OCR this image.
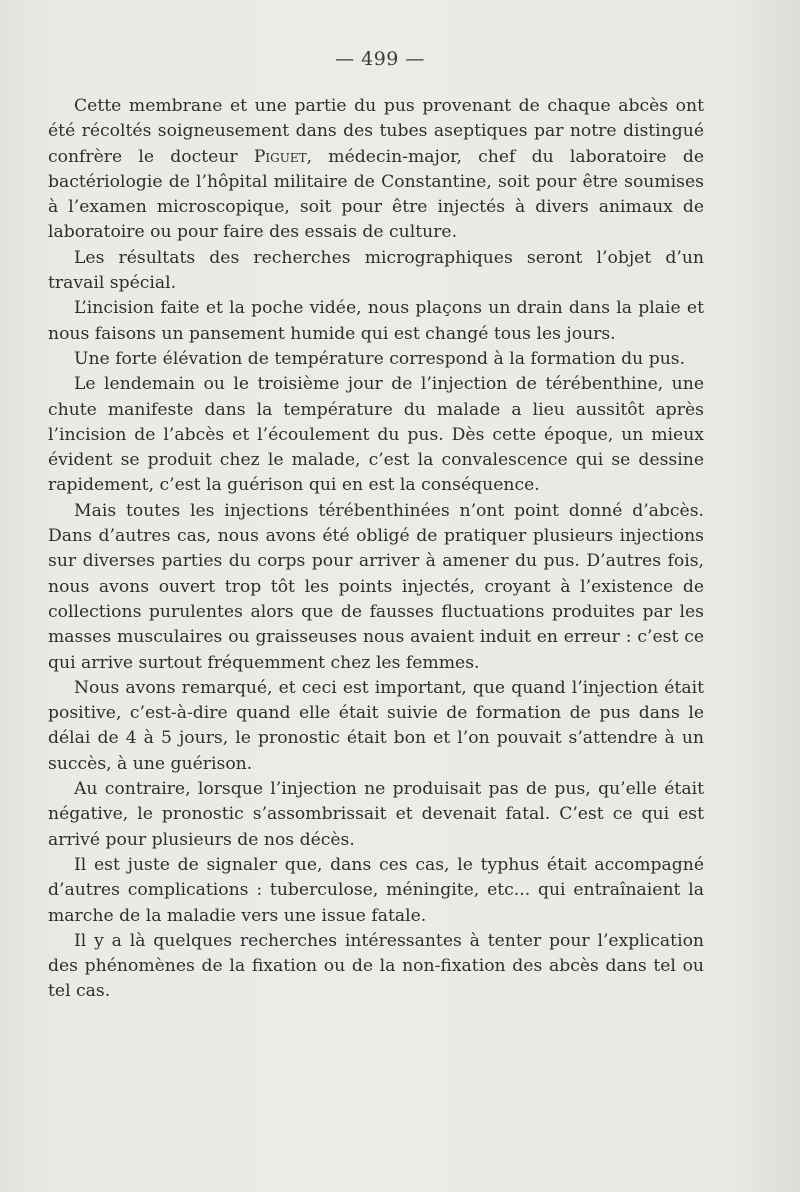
— 499 —

Cette membrane et une partie du pus provenant de chaque abcès ont été récoltés soigneusement dans des tubes aseptiques par notre distingué confrère le docteur Piguet, médecin-major, chef du laboratoire de bactériologie de l’hôpital militaire de Constantine, soit pour être soumises à l’examen microscopique, soit pour être injectés à divers animaux de laboratoire ou pour faire des essais de culture.

Les résultats des recherches micrographiques seront l’objet d’un travail spécial.

L’incision faite et la poche vidée, nous plaçons un drain dans la plaie et nous faisons un pansement humide qui est changé tous les jours.

Une forte élévation de température correspond à la formation du pus.

Le lendemain ou le troisième jour de l’injection de térébenthine, une chute manifeste dans la température du malade a lieu aussitôt après l’incision de l’abcès et l’écoulement du pus. Dès cette époque, un mieux évident se produit chez le malade, c’est la convalescence qui se dessine rapidement, c’est la guérison qui en est la conséquence.

Mais toutes les injections térébenthinées n’ont point donné d’abcès. Dans d’autres cas, nous avons été obligé de pratiquer plusieurs injections sur diverses parties du corps pour arriver à amener du pus. D’autres fois, nous avons ouvert trop tôt les points injectés, croyant à l’existence de collections purulentes alors que de fausses fluctuations produites par les masses musculaires ou graisseuses nous avaient induit en erreur : c’est ce qui arrive surtout fréquemment chez les femmes.

Nous avons remarqué, et ceci est important, que quand l’injection était positive, c’est-à-dire quand elle était suivie de formation de pus dans le délai de 4 à 5 jours, le pronostic était bon et l’on pouvait s’attendre à un succès, à une guérison.

Au contraire, lorsque l’injection ne produisait pas de pus, qu’elle était négative, le pronostic s’assombrissait et devenait fatal. C’est ce qui est arrivé pour plusieurs de nos décès.

Il est juste de signaler que, dans ces cas, le typhus était accompagné d’autres complications : tuberculose, méningite, etc... qui entraînaient la marche de la maladie vers une issue fatale.

Il y a là quelques recherches intéressantes à tenter pour l’explication des phénomènes de la fixation ou de la non-fixation des abcès dans tel ou tel cas.
